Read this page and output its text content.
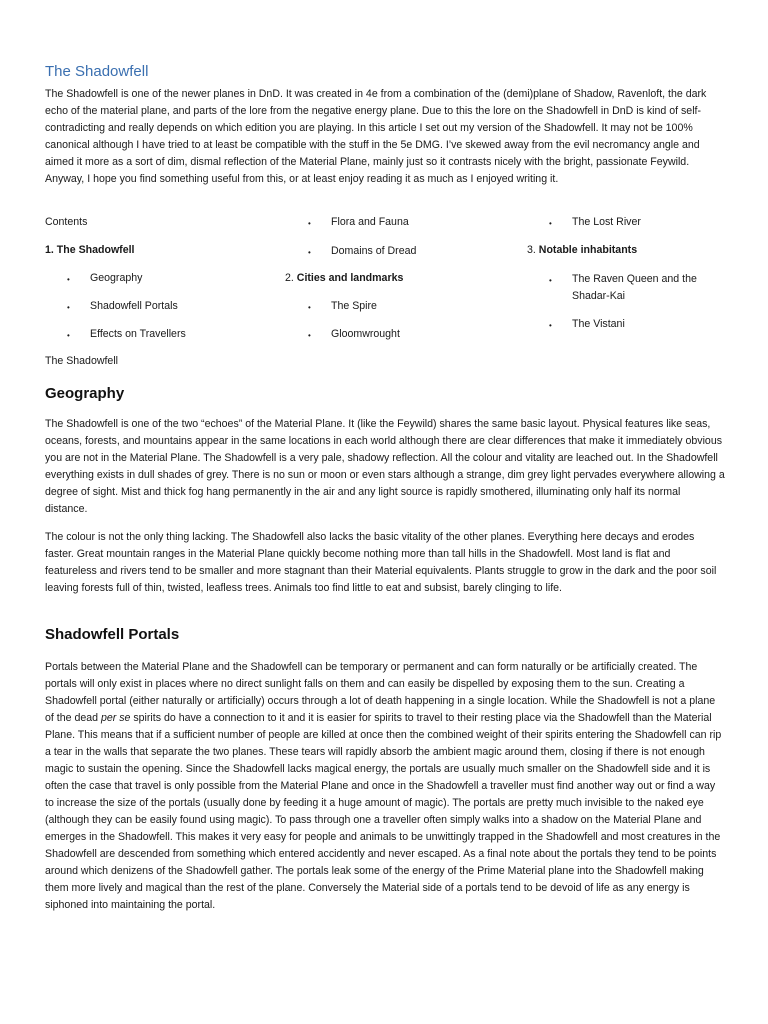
The Shadowfell

The Shadowfell is one of the newer planes in DnD. It was created in 4e from a combination of the (demi)plane of Shadow, Ravenloft, the dark echo of the material plane, and parts of the lore from the negative energy plane. Due to this the lore on the Shadowfell in DnD is kind of self-contradicting and really depends on which edition you are playing. In this article I set out my version of the Shadowfell. It may not be 100% canonical although I have tried to at least be compatible with the stuff in the 5e DMG. I’ve skewed away from the evil necromancy angle and aimed it more as a sort of dim, dismal reflection of the Material Plane, mainly just so it contrasts nicely with the bright, passionate Feywild. Anyway, I hope you find something useful from this, or at least enjoy reading it as much as I enjoyed writing it.

Contents
1. The Shadowfell
• Geography
• Shadowfell Portals
• Effects on Travellers
• Flora and Fauna
• Domains of Dread
2. Cities and landmarks
• The Spire
• Gloomwrought
• The Lost River
3. Notable inhabitants
• The Raven Queen and the
Shadar-Kai
• The Vistani
The Shadowfell
Geography

The Shadowfell is one of the two “echoes” of the Material Plane. It (like the Feywild) shares the same basic layout. Physical features like seas, oceans, forests, and mountains appear in the same locations in each world although there are clear differences that make it immediately obvious you are not in the Material Plane. The Shadowfell is a very pale, shadowy reflection. All the colour and vitality are leached out. In the Shadowfell everything exists in dull shades of grey. There is no sun or moon or even stars although a strange, dim grey light pervades everywhere allowing a degree of sight. Mist and thick fog hang permanently in the air and any light source is rapidly smothered, illuminating only half its normal distance.

The colour is not the only thing lacking. The Shadowfell also lacks the basic vitality of the other planes. Everything here decays and erodes faster. Great mountain ranges in the Material Plane quickly become nothing more than tall hills in the Shadowfell. Most land is flat and featureless and rivers tend to be smaller and more stagnant than their Material equivalents. Plants struggle to grow in the dark and the poor soil leaving forests full of thin, twisted, leafless trees. Animals too find little to eat and subsist, barely clinging to life.

Shadowfell Portals

Portals between the Material Plane and the Shadowfell can be temporary or permanent and can form naturally or be artificially created. The portals will only exist in places where no direct sunlight falls on them and can easily be dispelled by exposing them to the sun. Creating a Shadowfell portal (either naturally or artificially) occurs through a lot of death happening in a single location. While the Shadowfell is not a plane of the dead per se spirits do have a connection to it and it is easier for spirits to travel to their resting place via the Shadowfell than the Material Plane. This means that if a sufficient number of people are killed at once then the combined weight of their spirits entering the Shadowfell can rip a tear in the walls that separate the two planes. These tears will rapidly absorb the ambient magic around them, closing if there is not enough magic to sustain the opening. Since the Shadowfell lacks magical energy, the portals are usually much smaller on the Shadowfell side and it is often the case that travel is only possible from the Material Plane and once in the Shadowfell a traveller must find another way out or find a way to increase the size of the portals (usually done by feeding it a huge amount of magic). The portals are pretty much invisible to the naked eye (although they can be easily found using magic). To pass through one a traveller often simply walks into a shadow on the Material Plane and emerges in the Shadowfell. This makes it very easy for people and animals to be unwittingly trapped in the Shadowfell and most creatures in the Shadowfell are descended from something which entered accidently and never escaped. As a final note about the portals they tend to be points around which denizens of the Shadowfell gather. The portals leak some of the energy of the Prime Material plane into the Shadowfell making them more lively and magical than the rest of the plane. Conversely the Material side of a portals tend to be devoid of life as any energy is siphoned into maintaining the portal.
